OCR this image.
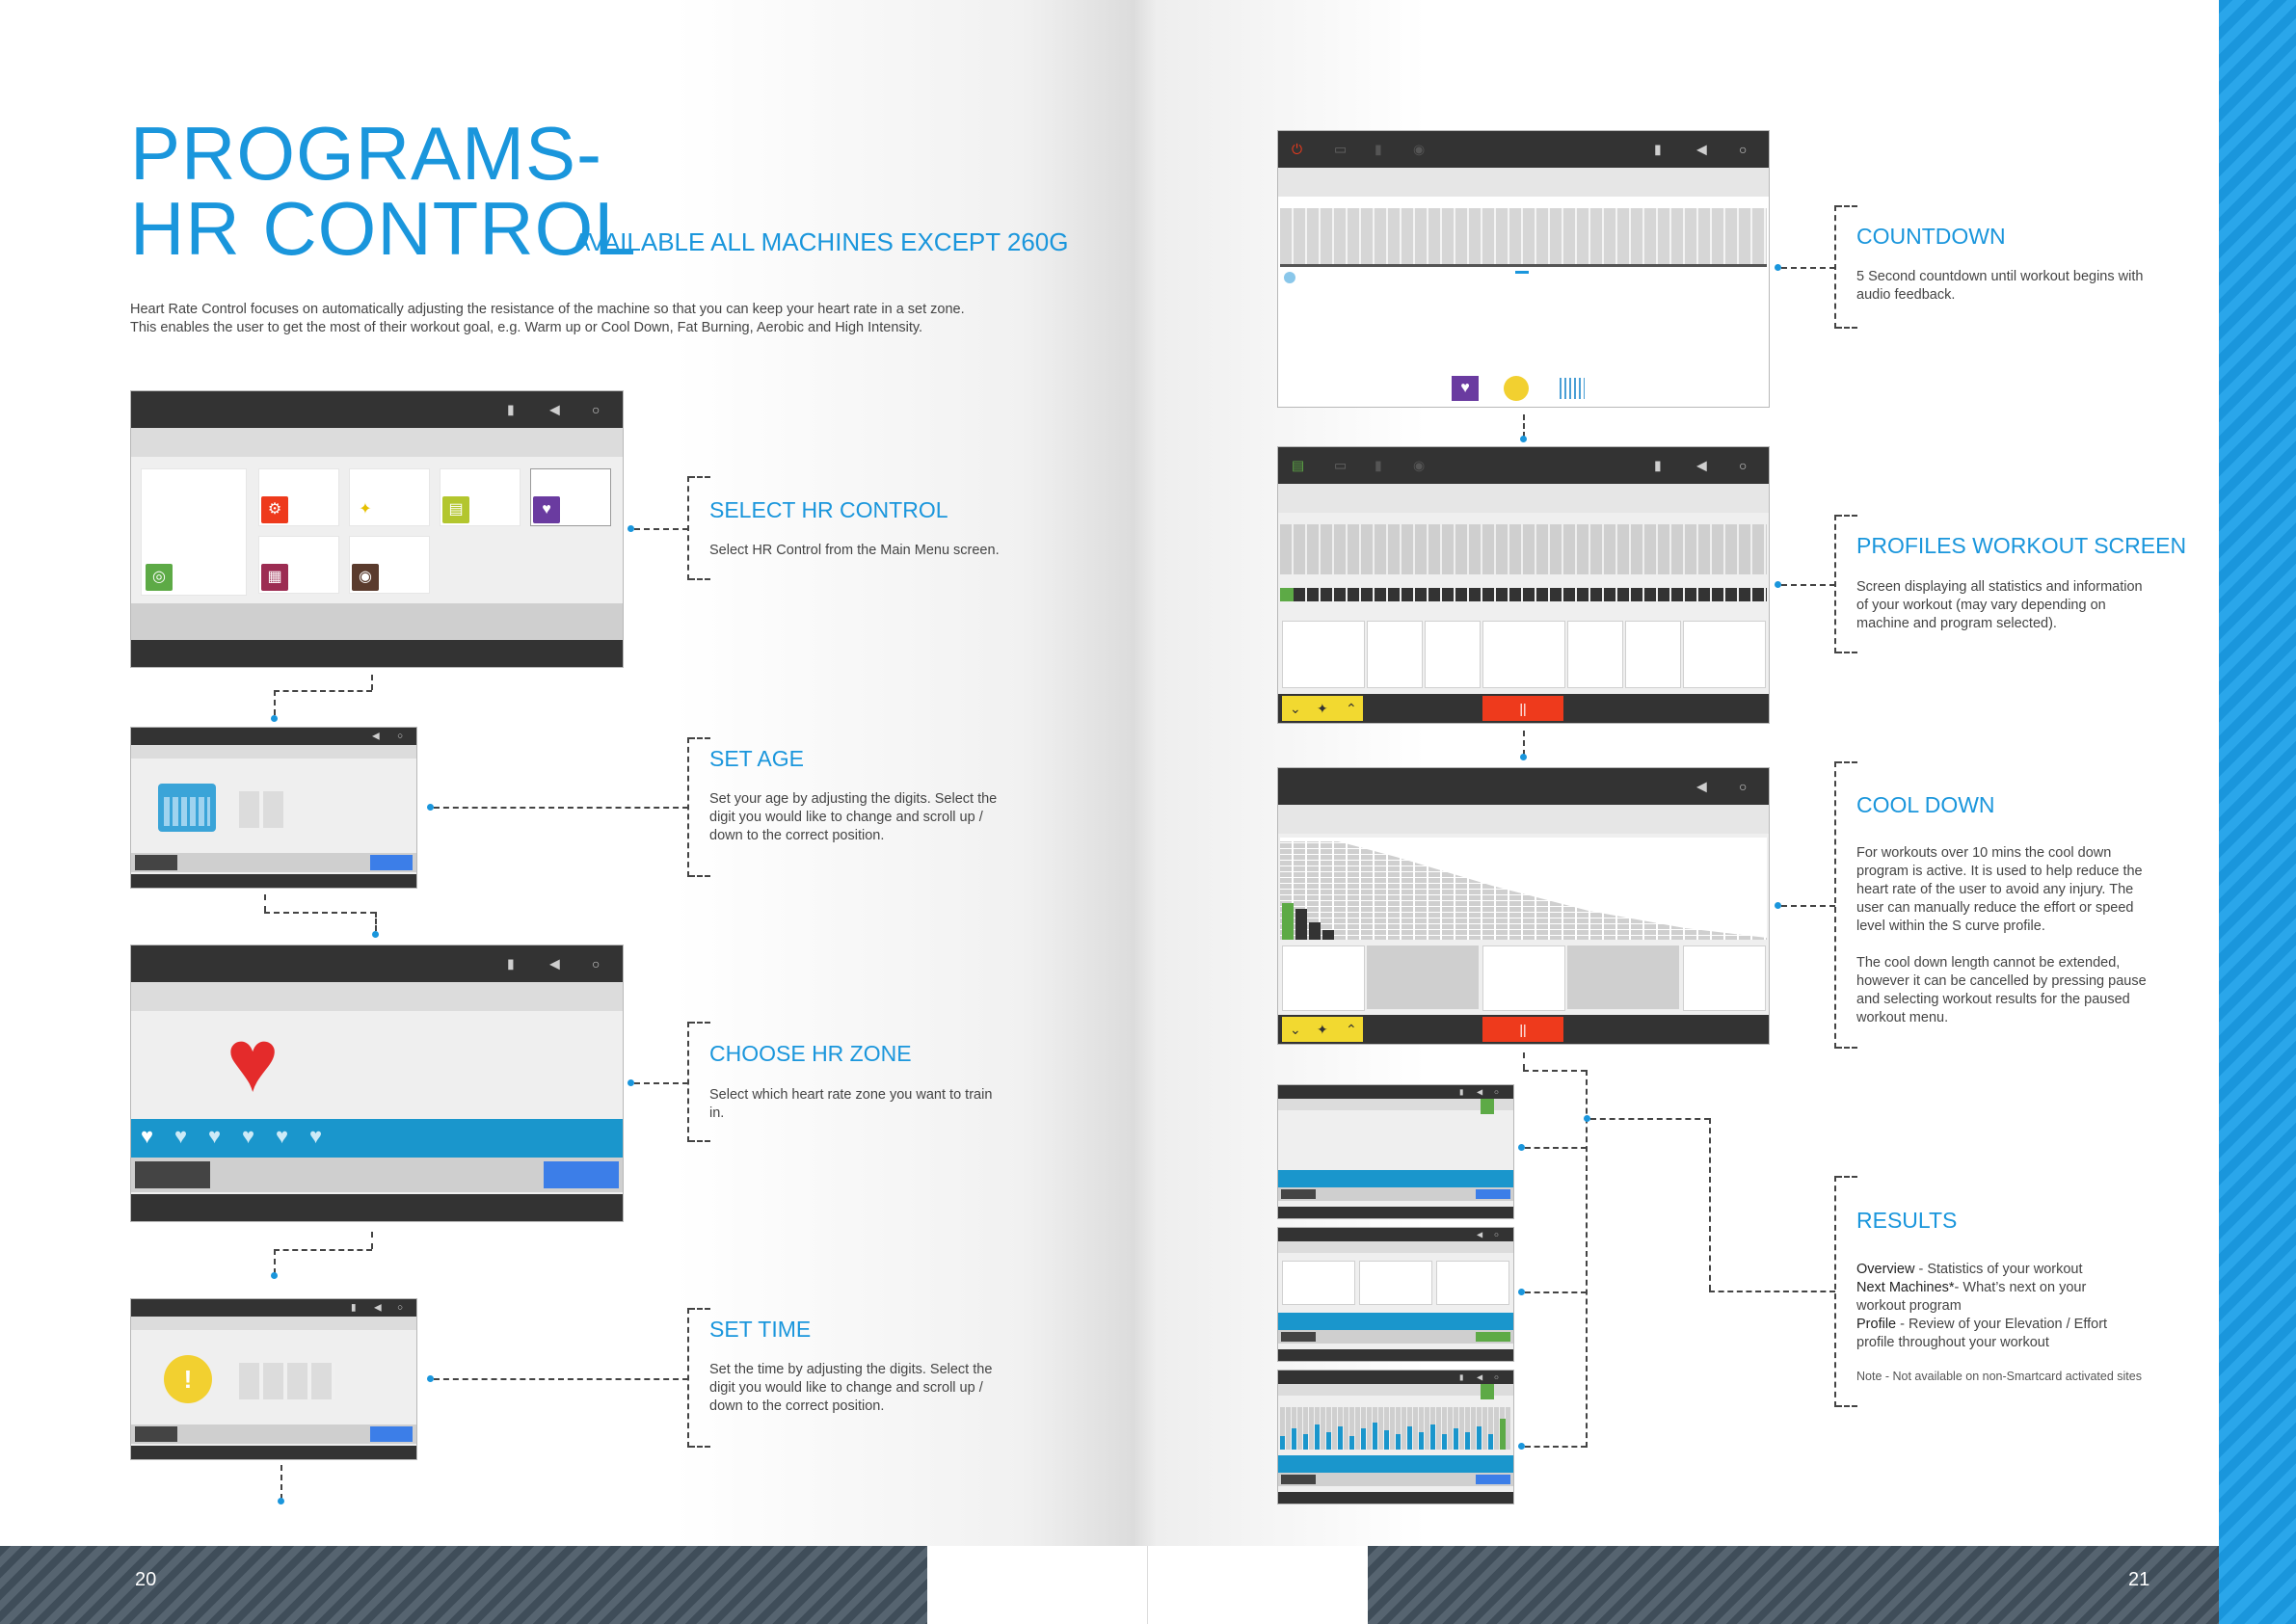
PROGRAMS-
HR CONTROL
AVAILABLE ALL MACHINES EXCEPT 260G
Heart Rate Control focuses on automatically adjusting the resistance of the machine so that you can keep your heart rate in a set zone.
This enables the user to get the most of their workout goal, e.g. Warm up or Cool Down, Fat Burning, Aerobic and High Intensity.
▮	◀ ○
◎
⚙	✦	▤	♥
▦	◉
◀ ○
▮	◀ ○
♥
♥ ♥ ♥ ♥ ♥ ♥
▮ ◀ ○
!
SELECT HR CONTROL
Select HR Control from the Main Menu screen.
SET AGE
Set your age by adjusting the digits. Select the
digit you would like to change and scroll up /
down to the correct position.
CHOOSE HR ZONE
Select which heart rate zone you want to train
in.
SET TIME
Set the time by adjusting the digits. Select the
digit you would like to change and scroll up /
down to the correct position.
⏻ ▭ ▮ ◉	▮	◀ ○
♥
▤ ▭ ▮ ◉	▮	◀ ○
⌄ ✦ ⌃	||
◀ ○
⌄ ✦ ⌃	||
▮ ◀ ○
◀ ○
▮ ◀ ○
COUNTDOWN
5 Second countdown until workout begins with
audio feedback.
PROFILES WORKOUT SCREEN
Screen displaying all statistics and information
of your workout (may vary depending on
machine and program selected).
COOL DOWN
For workouts over 10 mins the cool down
program is active. It is used to help reduce the
heart rate of the user to avoid any injury. The
user can manually reduce the effort or speed
level within the S curve profile.
The cool down length cannot be extended,
however it can be cancelled by pressing pause
and selecting workout results for the paused
workout menu.
RESULTS
Overview - Statistics of your workout
Next Machines*- What’s next on your
workout program
Profile - Review of your Elevation / Effort
profile throughout your workout
Note - Not available on non-Smartcard activated sites
20	21
